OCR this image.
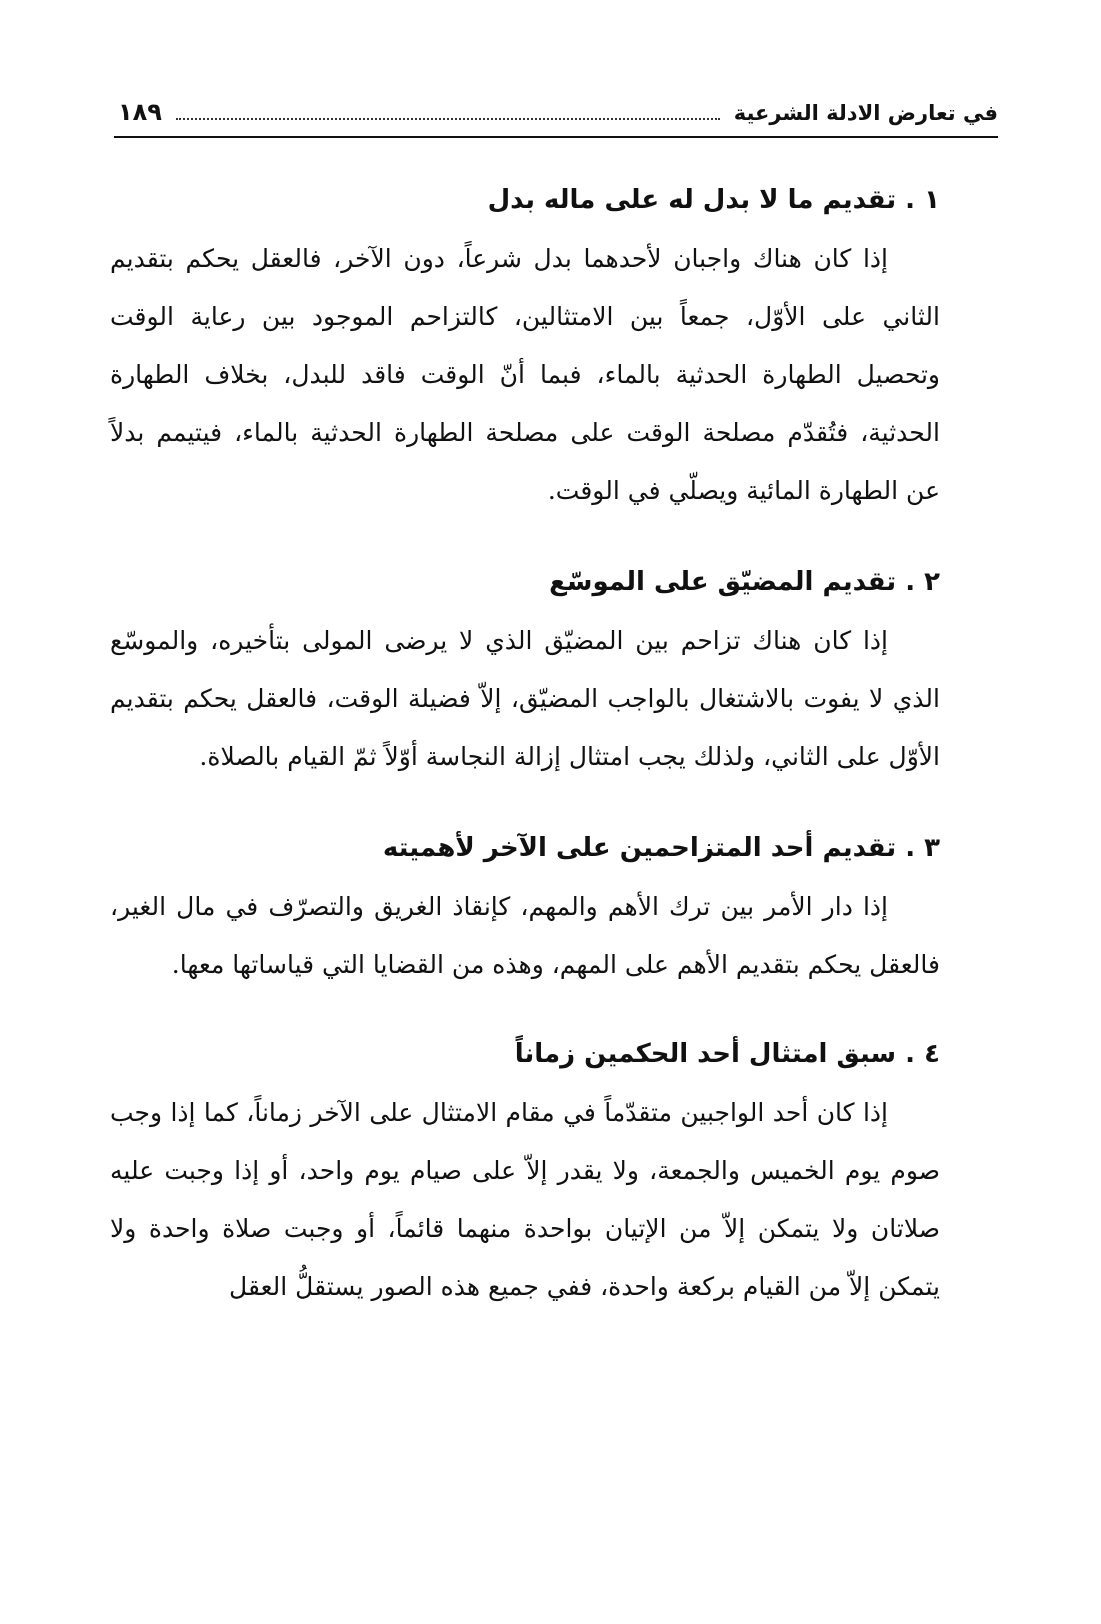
في تعارض الادلة الشرعية
١٨٩
١ . تقديم ما لا بدل له على ماله بدل

إذا كان هناك واجبان لأحدهما بدل شرعاً، دون الآخر، فالعقل يحكم بتقديم الثاني على الأوّل، جمعاً بين الامتثالين، كالتزاحم الموجود بين رعاية الوقت وتحصيل الطهارة الحدثية بالماء، فبما أنّ الوقت فاقد للبدل، بخلاف الطهارة الحدثية، فتُقدّم مصلحة الوقت على مصلحة الطهارة الحدثية بالماء، فيتيمم بدلاً عن الطهارة المائية ويصلّي في الوقت.

٢ . تقديم المضيّق على الموسّع

إذا كان هناك تزاحم بين المضيّق الذي لا يرضى المولى بتأخيره، والموسّع الذي لا يفوت بالاشتغال بالواجب المضيّق، إلاّ فضيلة الوقت، فالعقل يحكم بتقديم الأوّل على الثاني، ولذلك يجب امتثال إزالة النجاسة أوّلاً ثمّ القيام بالصلاة.

٣ . تقديم أحد المتزاحمين على الآخر لأهميته

إذا دار الأمر بين ترك الأهم والمهم، كإنقاذ الغريق والتصرّف في مال الغير، فالعقل يحكم بتقديم الأهم على المهم، وهذه من القضايا التي قياساتها معها.

٤ . سبق امتثال أحد الحكمين زماناً

إذا كان أحد الواجبين متقدّماً في مقام الامتثال على الآخر زماناً، كما إذا وجب صوم يوم الخميس والجمعة، ولا يقدر إلاّ على صيام يوم واحد، أو إذا وجبت عليه صلاتان ولا يتمكن إلاّ من الإتيان بواحدة منهما قائماً، أو وجبت صلاة واحدة ولا يتمكن إلاّ من القيام بركعة واحدة، ففي جميع هذه الصور يستقلُّ العقل
